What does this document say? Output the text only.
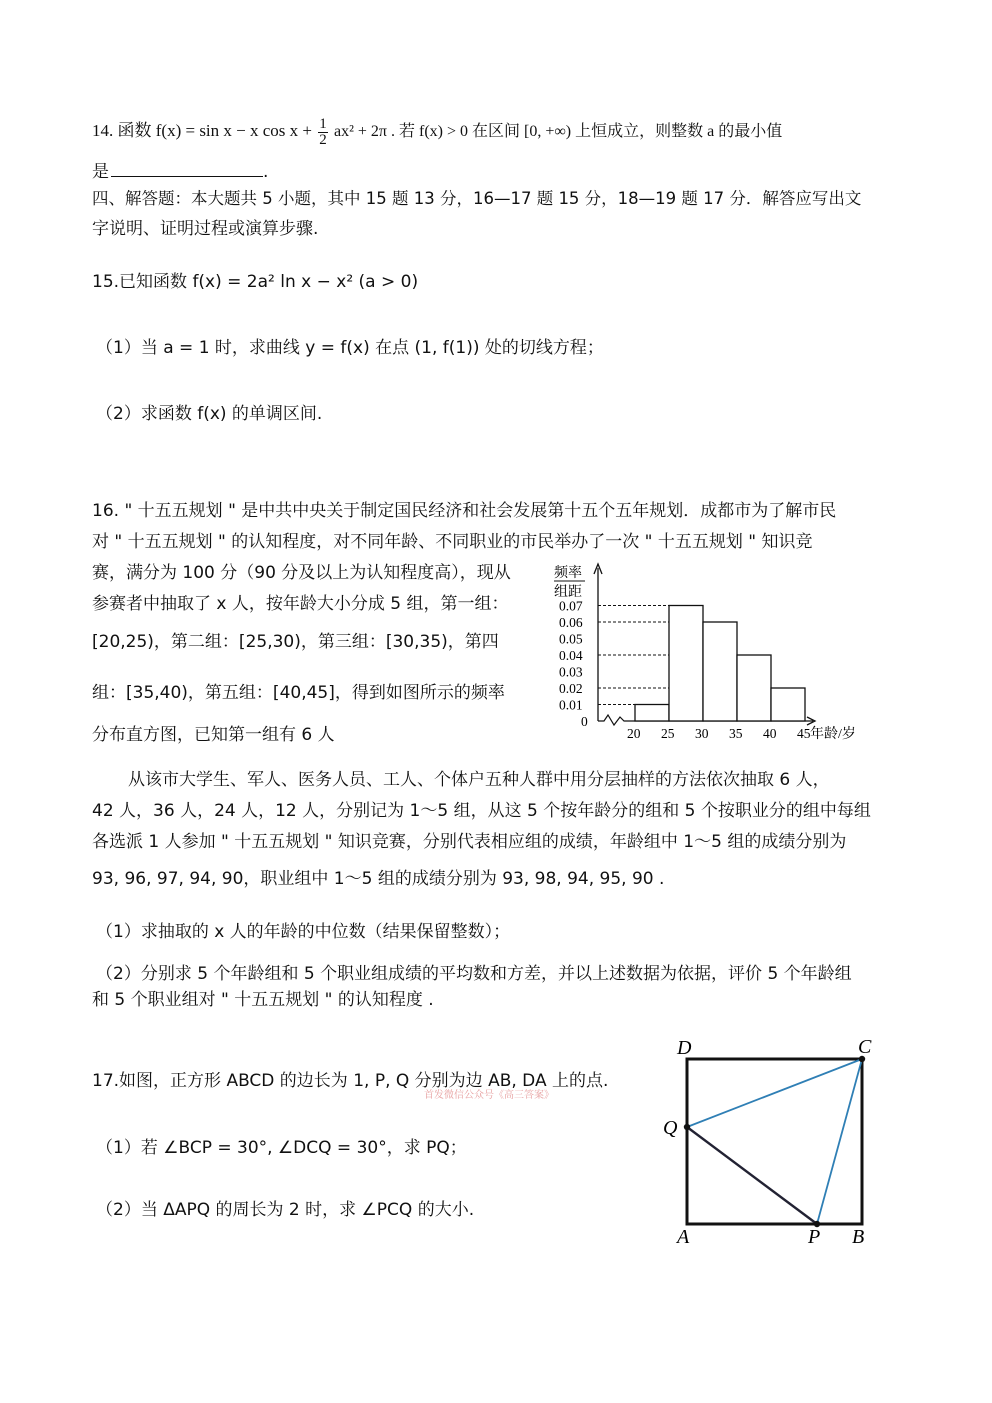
14. 函数 f(x) = sin x − x $\cos x + \frac{1}{2} ax^2 + 2\pi$ . 若 f(x) > 0 在区间 [0, +∞) 上恒成立，则整数 a 的最小值
是	.
四、解答题：本大题共 5 小题，其中 15 题 13 分，16—17 题 15 分，18—19 题 17 分．解答应写出文
字说明、证明过程或演算步骤.
15.已知函数 f(x) = 2a² ln x − x² (a > 0)
（1）当 a = 1 时，求曲线 y = f(x) 在点 (1, f(1)) 处的切线方程；
（2）求函数 f(x) 的单调区间.
16. " 十五五规划 " 是中共中央关于制定国民经济和社会发展第十五个五年规划．成都市为了解市民
对 " 十五五规划 " 的认知程度，对不同年龄、不同职业的市民举办了一次 " 十五五规划 " 知识竞
赛，满分为 100 分（90 分及以上为认知程度高），现从
参赛者中抽取了 x 人，按年龄大小分成 5 组，第一组：
[20,25)，第二组：[25,30)，第三组：[30,35)，第四
组：[35,40)，第五组：[40,45]，得到如图所示的频率
分布直方图，已知第一组有 6 人
频率
组距
0.07
0.06
0.05
0.04
0.03
0.02
0.01
0
20 25 30 35 40 45 年龄/岁
从该市大学生、军人、医务人员、工人、个体户五种人群中用分层抽样的方法依次抽取 6 人，
42 人，36 人，24 人，12 人，分别记为 1～5 组，从这 5 个按年龄分的组和 5 个按职业分的组中每组
各选派 1 人参加 " 十五五规划 " 知识竞赛，分别代表相应组的成绩，年龄组中 1～5 组的成绩分别为
93, 96, 97, 94, 90，职业组中 1～5 组的成绩分别为 93, 98, 94, 95, 90 .
（1）求抽取的 x 人的年龄的中位数（结果保留整数）；
（2）分别求 5 个年龄组和 5 个职业组成绩的平均数和方差，并以上述数据为依据，评价 5 个年龄组
和 5 个职业组对 " 十五五规划 " 的认知程度 .
17.如图，正方形 ABCD 的边长为 1, P, Q 分别为边 AB, DA 上的点.
首发微信公众号《高三答案》
（1）若 ∠BCP = 30°, ∠DCQ = 30°，求 PQ；
（2）当 ΔAPQ 的周长为 2 时，求 ∠PCQ 的大小.
D	C
Q
A	P B
